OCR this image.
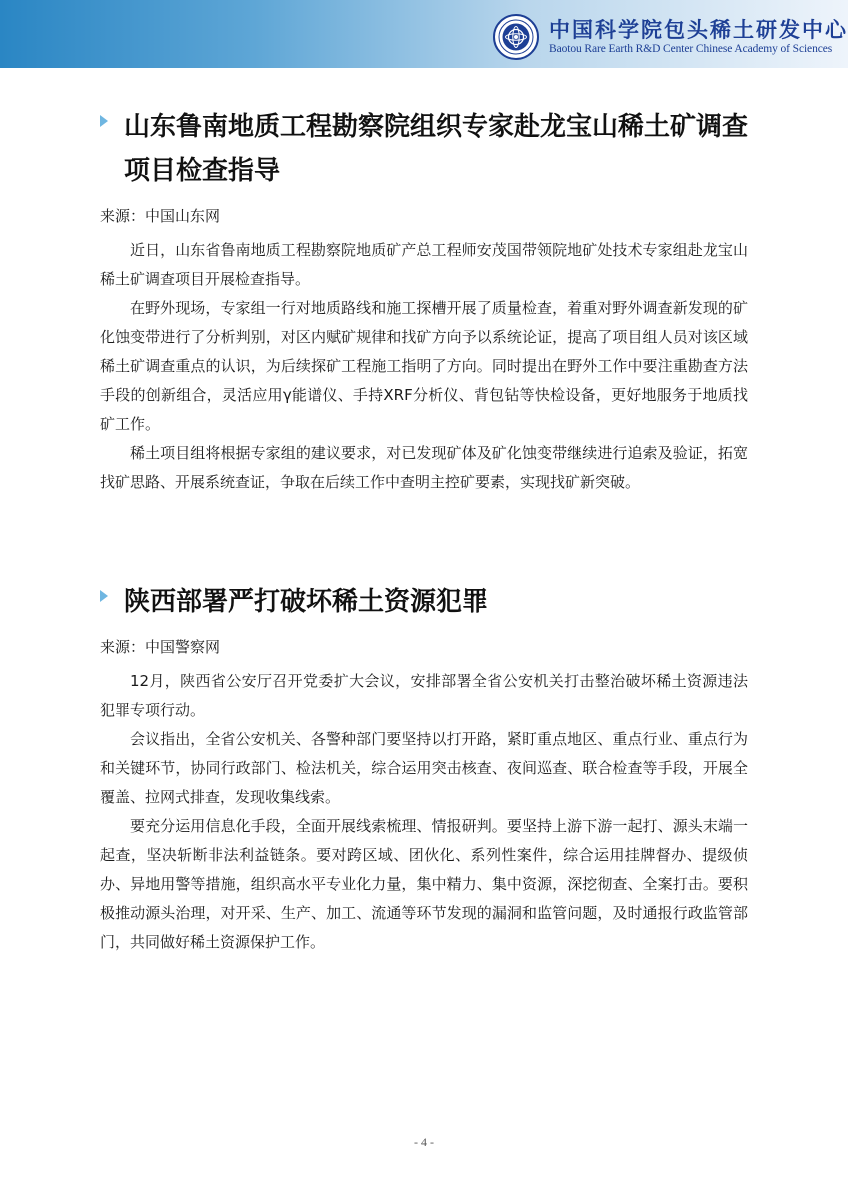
中国科学院包头稀土研发中心
Baotou Rare Earth R&D Center Chinese Academy of Sciences
山东鲁南地质工程勘察院组织专家赴龙宝山稀土矿调查项目检查指导
来源：中国山东网

近日，山东省鲁南地质工程勘察院地质矿产总工程师安茂国带领院地矿处技术专家组赴龙宝山稀土矿调查项目开展检查指导。

在野外现场，专家组一行对地质路线和施工探槽开展了质量检查，着重对野外调查新发现的矿化蚀变带进行了分析判别，对区内赋矿规律和找矿方向予以系统论证，提高了项目组人员对该区域稀土矿调查重点的认识，为后续探矿工程施工指明了方向。同时提出在野外工作中要注重勘查方法手段的创新组合，灵活应用γ能谱仪、手持XRF分析仪、背包钻等快检设备，更好地服务于地质找矿工作。

稀土项目组将根据专家组的建议要求，对已发现矿体及矿化蚀变带继续进行追索及验证，拓宽找矿思路、开展系统查证，争取在后续工作中查明主控矿要素，实现找矿新突破。

陕西部署严打破坏稀土资源犯罪
来源：中国警察网

12月，陕西省公安厅召开党委扩大会议，安排部署全省公安机关打击整治破坏稀土资源违法犯罪专项行动。

会议指出，全省公安机关、各警种部门要坚持以打开路，紧盯重点地区、重点行业、重点行为和关键环节，协同行政部门、检法机关，综合运用突击核查、夜间巡查、联合检查等手段，开展全覆盖、拉网式排查，发现收集线索。

要充分运用信息化手段，全面开展线索梳理、情报研判。要坚持上游下游一起打、源头末端一起查，坚决斩断非法利益链条。要对跨区域、团伙化、系列性案件，综合运用挂牌督办、提级侦办、异地用警等措施，组织高水平专业化力量，集中精力、集中资源，深挖彻查、全案打击。要积极推动源头治理，对开采、生产、加工、流通等环节发现的漏洞和监管问题，及时通报行政监管部门，共同做好稀土资源保护工作。

- 4 -
